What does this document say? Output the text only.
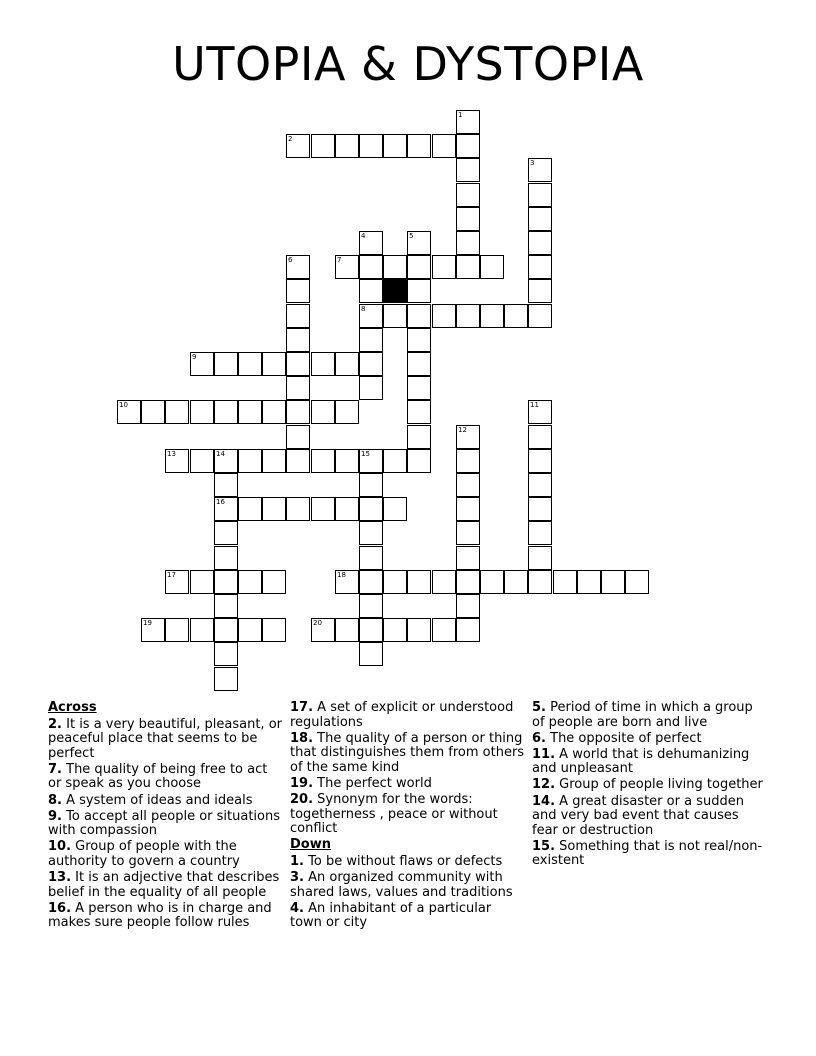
UTOPIA & DYSTOPIA
2
7
8
9
10
13	14	15
16
17	18
19	20
1
3
4	5
6
11
12
Across
2. It is a very beautiful, pleasant, or peaceful place that seems to be perfect
7. The quality of being free to act or speak as you choose
8. A system of ideas and ideals
9. To accept all people or situations with compassion
10. Group of people with the authority to govern a country
13. It is an adjective that describes belief in the equality of all people
16. A person who is in charge and makes sure people follow rules
17. A set of explicit or understood regulations
18. The quality of a person or thing that distinguishes them from others of the same kind
19. The perfect world
20. Synonym for the words: togetherness , peace or without conflict
Down
1. To be without flaws or defects
3. An organized community with shared laws, values and traditions
4. An inhabitant of a particular town or city
5. Period of time in which a group of people are born and live
6. The opposite of perfect
11. A world that is dehumanizing and unpleasant
12. Group of people living together
14. A great disaster or a sudden and very bad event that causes fear or destruction
15. Something that is not real/non-existent
